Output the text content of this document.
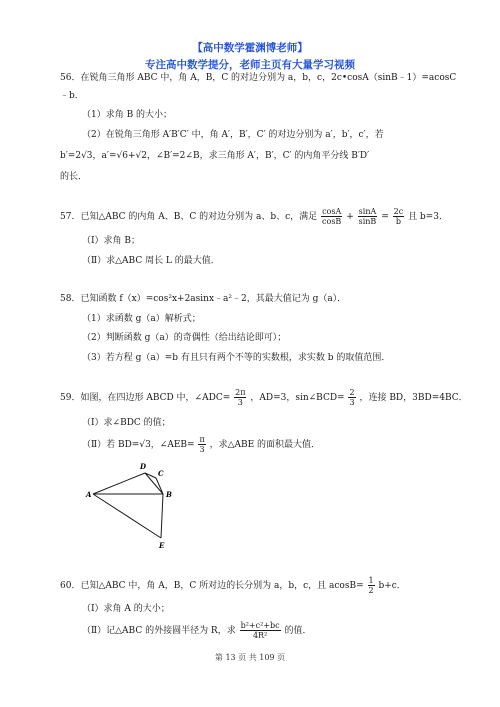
【高中数学霍渊博老师】
专注高中数学提分，老师主页有大量学习视频
56．在锐角三角形 ABC 中，角 A，B，C 的对边分别为 a，b，c，2c•cosA（sinB﹣1）=acosC
﹣b．
（1）求角 B 的大小；
（2）在锐角三角形 A′B′C′ 中，角 A′，B′，C′ 的对边分别为 a′，b′，c′，若
b′=2√3，a′=√6+√2，∠B′=2∠B，求三角形 A′，B′，C′ 的内角平分线 B′D′
的长．
57．已知△ABC 的内角 A、B、C 的对边分别为 a、b、c，满足 $\frac{\cos A}{\cos B} + \frac{\sin A}{\sin B} = \frac{2c}{b}$ 且 b=3．
（Ⅰ）求角 B；
（Ⅱ）求△ABC 周长 L 的最大值．
58．已知函数 f（x）=cos²x+2asinx﹣a²﹣2，其最大值记为 g（a）．
（1）求函数 g（a）解析式；
（2）判断函数 g（a）的奇偶性（给出结论即可）；
（3）若方程 g（a）=b 有且只有两个不等的实数根，求实数 b 的取值范围．
59．如图，在四边形 ABCD 中，∠ADC= $\frac{2\pi}{3}$ ，AD=3，sin∠BCD= $\frac{2}{3}$ ，连接 BD，3BD=4BC．
（Ⅰ）求∠BDC 的值；
（Ⅱ）若 BD=√3，∠AEB= $\frac{\pi}{3}$ ，求△ABE 的面积最大值．
A
D
C
B
E
60．已知△ABC 中，角 A，B，C 所对边的长分别为 a，b，c，且 $acosB= \frac{1}{2} b+c$．
（Ⅰ）求角 A 的大小；
（Ⅱ）记△ABC 的外接圆半径为 R，求 $\frac{\text{b²+c²+bc}}{\text{4R²}}$ 的值．
第 13 页 共 109 页
